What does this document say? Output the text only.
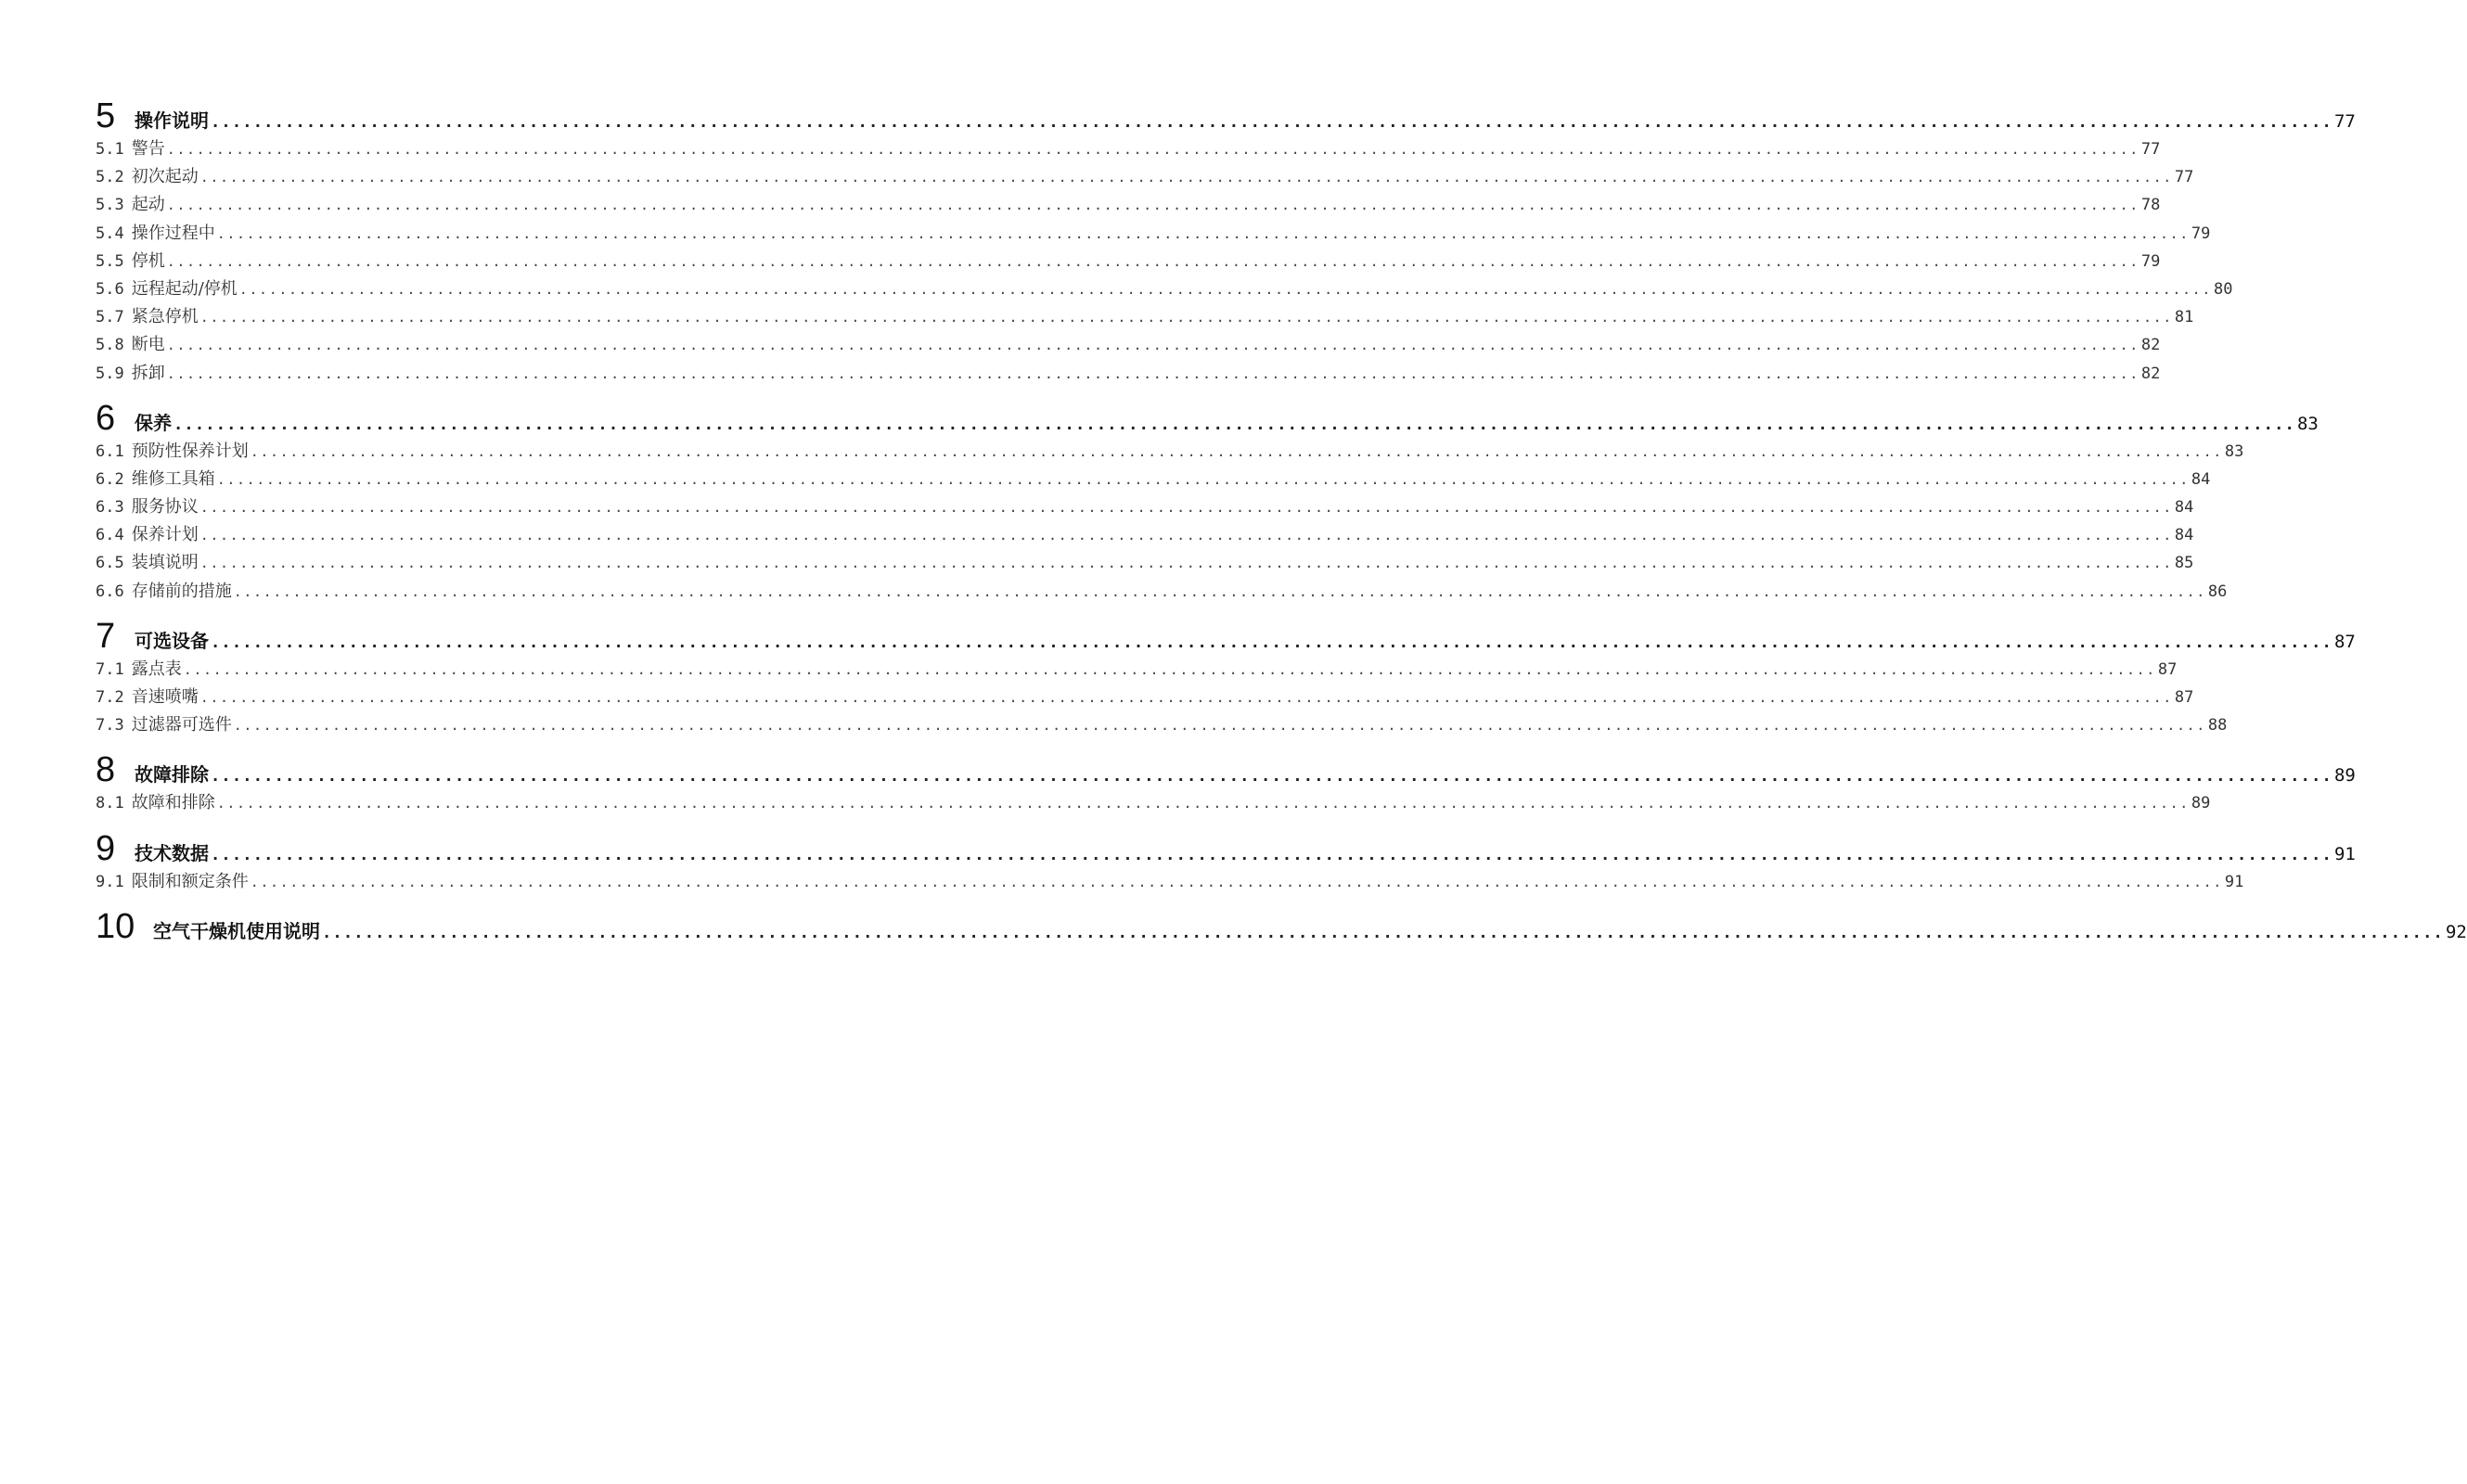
5	操作说明 ........................................................................................................................................................................................................ 77
5.1 警告 ........................................................................................................................................................................................................ 77
5.2 初次起动 ........................................................................................................................................................................................................ 77
5.3 起动 ........................................................................................................................................................................................................ 78
5.4 操作过程中 ........................................................................................................................................................................................................ 79
5.5 停机 ........................................................................................................................................................................................................ 79
5.6 远程起动/停机 ........................................................................................................................................................................................................ 80
5.7 紧急停机 ........................................................................................................................................................................................................ 81
5.8 断电 ........................................................................................................................................................................................................ 82
5.9 拆卸 ........................................................................................................................................................................................................ 82
6	保养 ........................................................................................................................................................................................................ 83
6.1 预防性保养计划 ........................................................................................................................................................................................................ 83
6.2 维修工具箱 ........................................................................................................................................................................................................ 84
6.3 服务协议 ........................................................................................................................................................................................................ 84
6.4 保养计划 ........................................................................................................................................................................................................ 84
6.5 装填说明 ........................................................................................................................................................................................................ 85
6.6 存储前的措施 ........................................................................................................................................................................................................ 86
7	可选设备 ........................................................................................................................................................................................................ 87
7.1 露点表 ........................................................................................................................................................................................................ 87
7.2 音速喷嘴 ........................................................................................................................................................................................................ 87
7.3 过滤器可选件 ........................................................................................................................................................................................................ 88
8	故障排除 ........................................................................................................................................................................................................ 89
8.1 故障和排除 ........................................................................................................................................................................................................ 89
9	技术数据 ........................................................................................................................................................................................................ 91
9.1 限制和额定条件 ........................................................................................................................................................................................................ 91
10 空气干燥机使用说明 ........................................................................................................................................................................................................ 92
